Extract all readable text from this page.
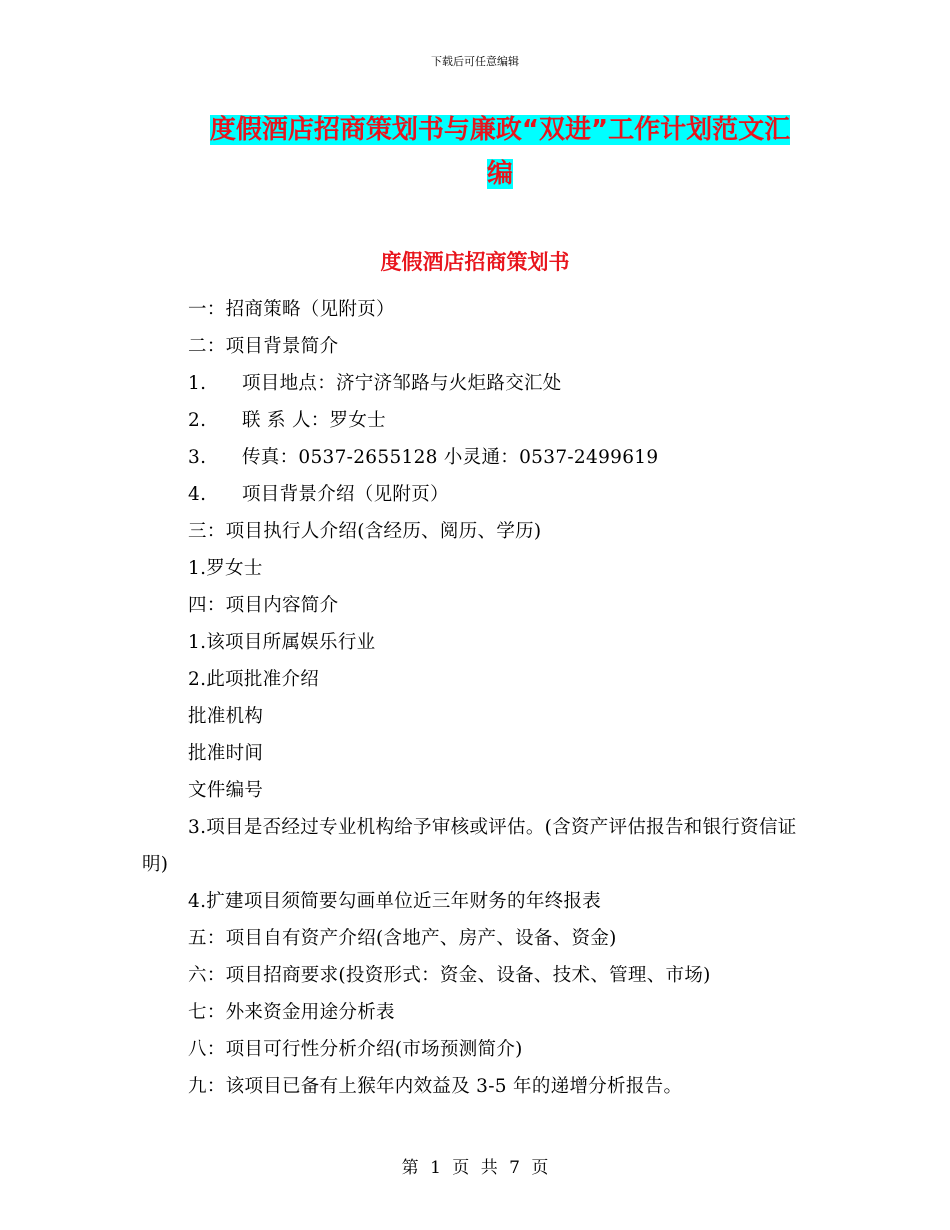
下载后可任意编辑
度假酒店招商策划书与廉政“双进”工作计划范文汇
编
度假酒店招商策划书
一：招商策略（见附页）
二：项目背景简介
1. 项目地点：济宁济邹路与火炬路交汇处
2. 联 系 人：罗女士
3. 传真：0537-2655128 小灵通：0537-2499619
4. 项目背景介绍（见附页）
三：项目执行人介绍(含经历、阅历、学历)
1.罗女士
四：项目内容简介
1.该项目所属娱乐行业
2.此项批准介绍
批准机构
批准时间
文件编号
3.项目是否经过专业机构给予审核或评估。(含资产评估报告和银行资信证明)
4.扩建项目须简要勾画单位近三年财务的年终报表
五：项目自有资产介绍(含地产、房产、设备、资金)
六：项目招商要求(投资形式：资金、设备、技术、管理、市场)
七：外来资金用途分析表
八：项目可行性分析介绍(市场预测简介)
九：该项目已备有上猴年内效益及 3-5 年的递增分析报告。
第 1 页 共 7 页
